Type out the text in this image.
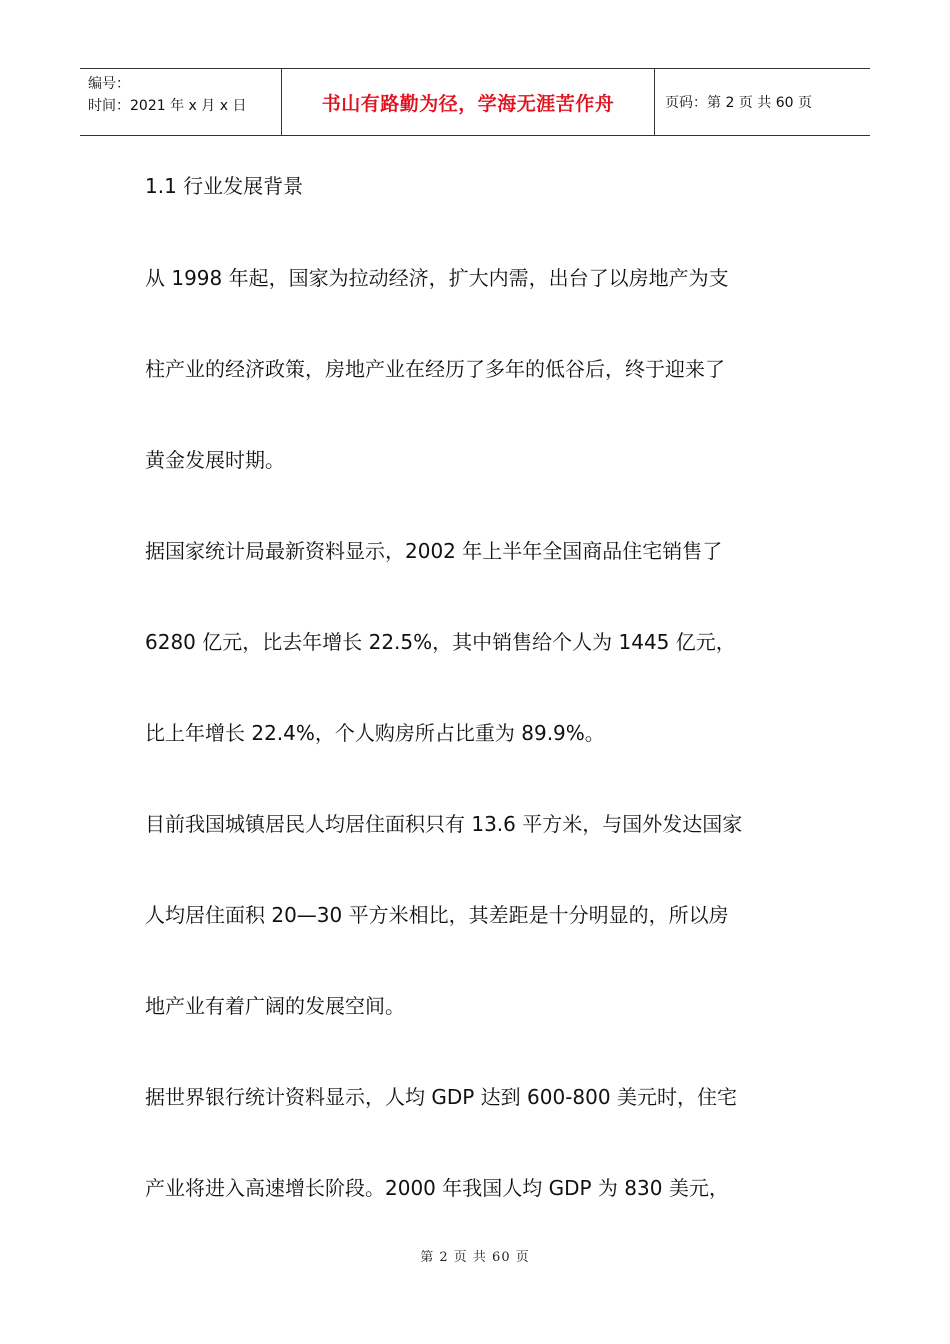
编号：
时间：2021 年 x 月 x 日	书山有路勤为径，学海无涯苦作舟	页码：第 2 页 共 60 页

1.1 行业发展背景

从 1998 年起，国家为拉动经济，扩大内需，出台了以房地产为支

柱产业的经济政策，房地产业在经历了多年的低谷后，终于迎来了

黄金发展时期。

据国家统计局最新资料显示，2002 年上半年全国商品住宅销售了

6280 亿元，比去年增长 22.5%，其中销售给个人为 1445 亿元，

比上年增长 22.4%，个人购房所占比重为 89.9%。

目前我国城镇居民人均居住面积只有 13.6 平方米，与国外发达国家

人均居住面积 20—30 平方米相比，其差距是十分明显的，所以房

地产业有着广阔的发展空间。

据世界银行统计资料显示，人均 GDP 达到 600-800 美元时，住宅

产业将进入高速增长阶段。2000 年我国人均 GDP 为 830 美元，

第 2 页 共 60 页
